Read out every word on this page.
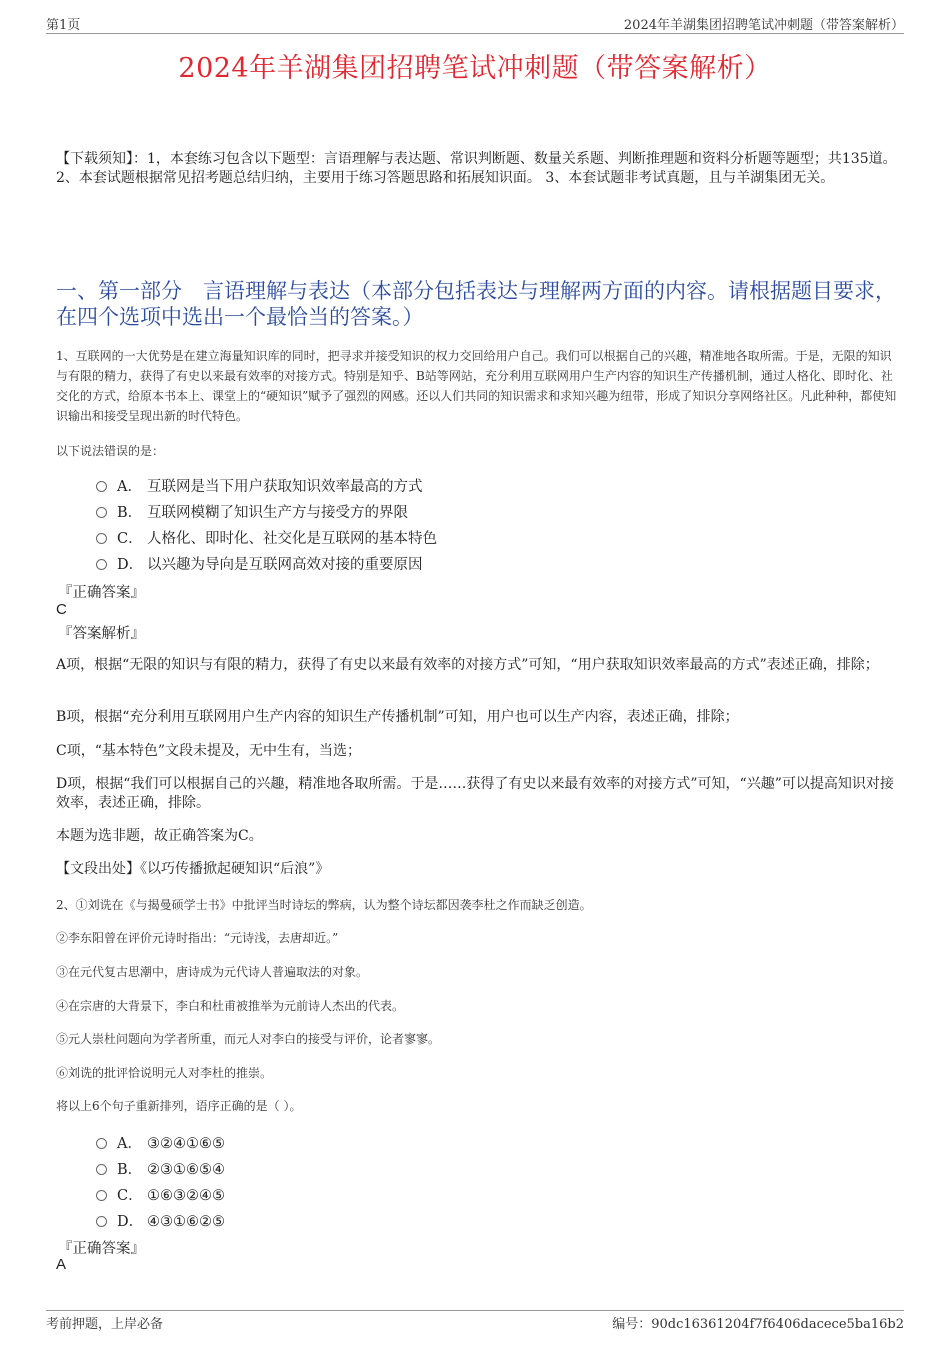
第1页	2024年羊湖集团招聘笔试冲刺题（带答案解析）
2024年羊湖集团招聘笔试冲刺题（带答案解析）
【下载须知】：1，本套练习包含以下题型：言语理解与表达题、常识判断题、数量关系题、判断推理题和资料分析题等题型；共135道。 2、本套试题根据常见招考题总结归纳，主要用于练习答题思路和拓展知识面。 3、本套试题非考试真题，且与羊湖集团无关。
一、第一部分　言语理解与表达（本部分包括表达与理解两方面的内容。请根据题目要求，在四个选项中选出一个最恰当的答案。）
1、互联网的一大优势是在建立海量知识库的同时，把寻求并接受知识的权力交回给用户自己。我们可以根据自己的兴趣，精准地各取所需。于是，无限的知识与有限的精力，获得了有史以来最有效率的对接方式。特别是知乎、B站等网站，充分利用互联网用户生产内容的知识生产传播机制，通过人格化、即时化、社交化的方式，给原本书本上、课堂上的“硬知识”赋予了强烈的网感。还以人们共同的知识需求和求知兴趣为纽带，形成了知识分享网络社区。凡此种种，都使知识输出和接受呈现出新的时代特色。
以下说法错误的是：
A． 互联网是当下用户获取知识效率最高的方式
B． 互联网模糊了知识生产方与接受方的界限
C． 人格化、即时化、社交化是互联网的基本特色
D． 以兴趣为导向是互联网高效对接的重要原因
『正确答案』
C
『答案解析』
A项，根据“无限的知识与有限的精力，获得了有史以来最有效率的对接方式”可知，“用户获取知识效率最高的方式”表述正确，排除；
B项，根据“充分利用互联网用户生产内容的知识生产传播机制”可知，用户也可以生产内容，表述正确，排除；
C项，“基本特色”文段未提及，无中生有，当选；
D项，根据“我们可以根据自己的兴趣，精准地各取所需。于是……获得了有史以来最有效率的对接方式”可知，“兴趣”可以提高知识对接效率，表述正确，排除。
本题为选非题，故正确答案为C。
【文段出处】《以巧传播掀起硬知识“后浪”》
2、①刘诜在《与揭曼硕学士书》中批评当时诗坛的弊病，认为整个诗坛都因袭李杜之作而缺乏创造。
②李东阳曾在评价元诗时指出：“元诗浅，去唐却近。”
③在元代复古思潮中，唐诗成为元代诗人普遍取法的对象。
④在宗唐的大背景下，李白和杜甫被推举为元前诗人杰出的代表。
⑤元人崇杜问题向为学者所重，而元人对李白的接受与评价，论者寥寥。
⑥刘诜的批评恰说明元人对李杜的推崇。
将以上6个句子重新排列，语序正确的是（ ）。
A． ③②④①⑥⑤
B． ②③①⑥⑤④
C． ①⑥③②④⑤
D． ④③①⑥②⑤
『正确答案』
A
考前押题，上岸必备	编号：90dc16361204f7f6406dacece5ba16b2
